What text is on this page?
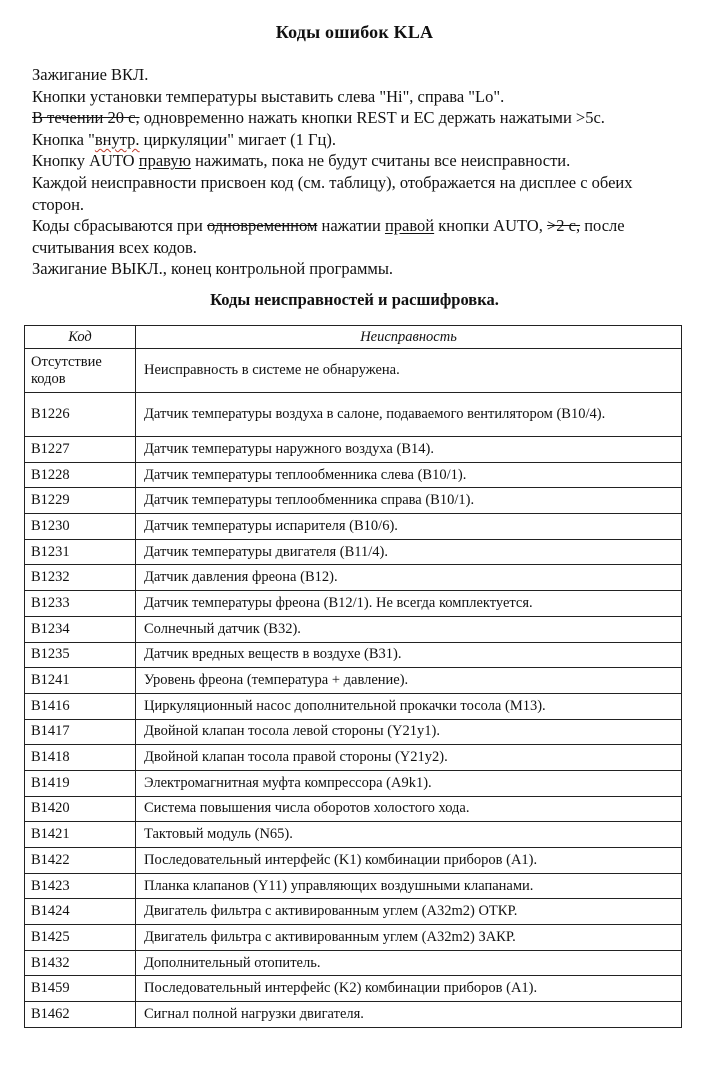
Коды ошибок KLA

Зажигание ВКЛ.

Кнопки установки температуры выставить слева "Hi", справа "Lo".

В течении 20 с, одновременно нажать кнопки REST и EC держать нажатыми >5c.

Кнопка "внутр. циркуляции" мигает (1 Гц).

Кнопку AUTO правую нажимать, пока не будут считаны все неисправности.

Каждой неисправности присвоен код (см. таблицу), отображается на дисплее с обеих сторон.

Коды сбрасываются при одновременном нажатии правой кнопки AUTO, >2 с, после считывания всех кодов.

Зажигание ВЫКЛ., конец контрольной программы.

Коды неисправностей и расшифровка.
Код	Неисправность
Отсутствие кодов	Неисправность в системе не обнаружена.
B1226	Датчик температуры воздуха в салоне, подаваемого вентилятором (B10/4).
B1227	Датчик температуры наружного воздуха (B14).
B1228	Датчик температуры теплообменника слева (B10/1).
B1229	Датчик температуры теплообменника справа (B10/1).
B1230	Датчик температуры испарителя (B10/6).
B1231	Датчик температуры двигателя (B11/4).
B1232	Датчик давления фреона (B12).
B1233	Датчик температуры фреона (B12/1). Не всегда комплектуется.
B1234	Солнечный датчик (B32).
B1235	Датчик вредных веществ в воздухе (B31).
B1241	Уровень фреона (температура + давление).
B1416	Циркуляционный насос дополнительной прокачки тосола (M13).
B1417	Двойной клапан тосола левой стороны (Y21y1).
B1418	Двойной клапан тосола правой стороны (Y21y2).
B1419	Электромагнитная муфта компрессора (A9k1).
B1420	Система повышения числа оборотов холостого хода.
B1421	Тактовый модуль (N65).
B1422	Последовательный интерфейс (K1) комбинации приборов (A1).
B1423	Планка клапанов (Y11) управляющих воздушными клапанами.
B1424	Двигатель фильтра с активированным углем (A32m2) ОТКР.
B1425	Двигатель фильтра с активированным углем (A32m2) ЗАКР.
B1432	Дополнительный отопитель.
B1459	Последовательный интерфейс (K2) комбинации приборов (A1).
B1462	Сигнал полной нагрузки двигателя.
